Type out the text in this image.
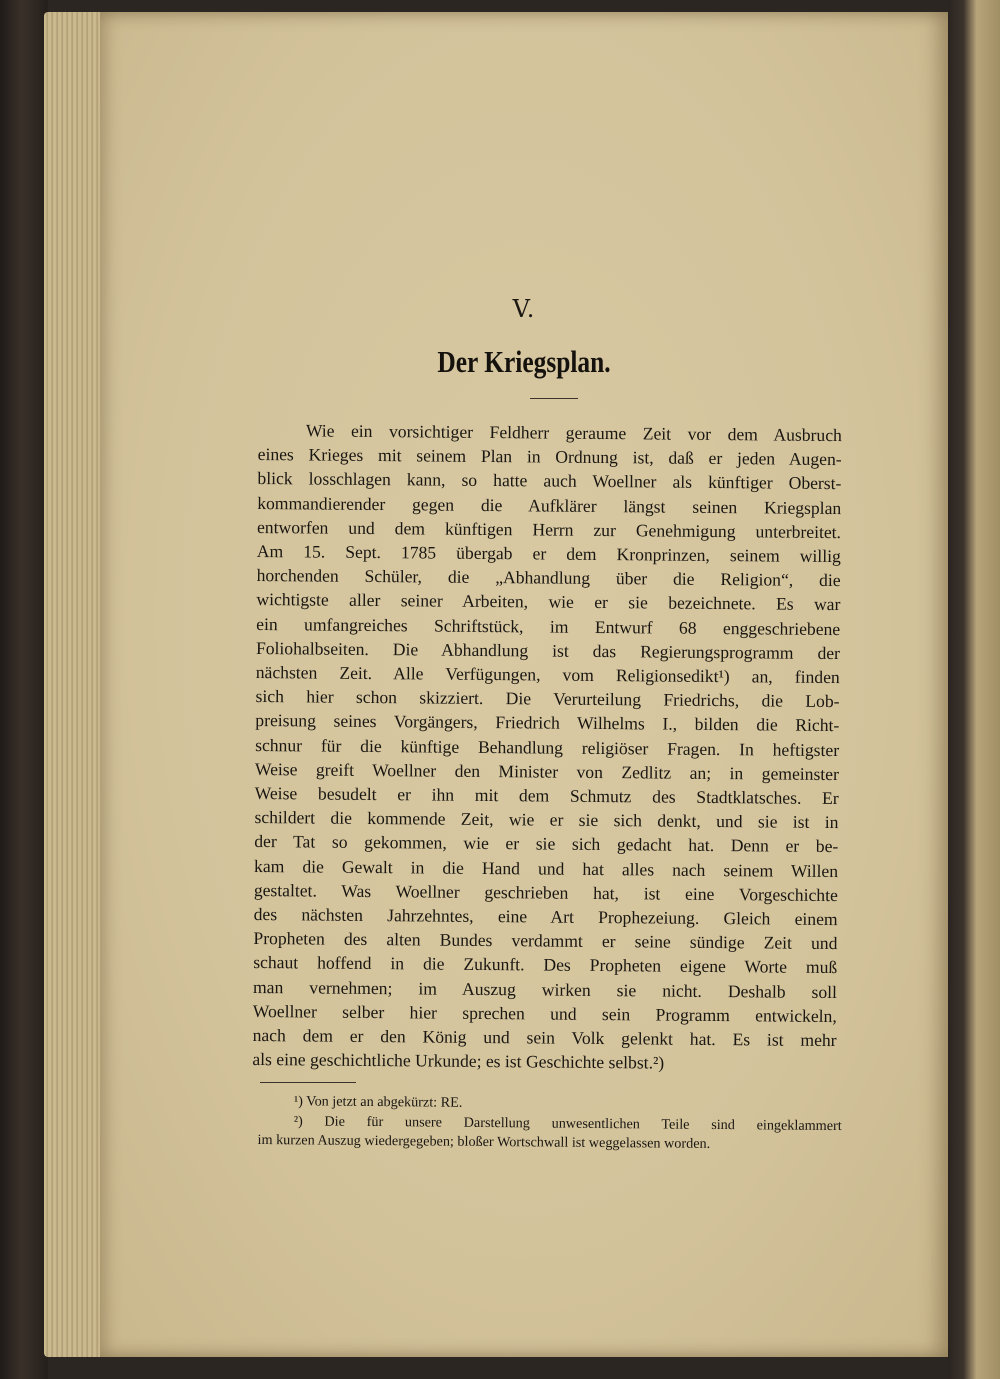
V.
Der Kriegsplan.
Wie ein vorsichtiger Feldherr geraume Zeit vor dem Ausbruch
eines Krieges mit seinem Plan in Ordnung ist, daß er jeden Augen-
blick losschlagen kann, so hatte auch Woellner als künftiger Oberst-
kommandierender gegen die Aufklärer längst seinen Kriegsplan
entworfen und dem künftigen Herrn zur Genehmigung unterbreitet.
Am 15. Sept. 1785 übergab er dem Kronprinzen, seinem willig
horchenden Schüler, die „Abhandlung über die Religion“, die
wichtigste aller seiner Arbeiten, wie er sie bezeichnete. Es war
ein umfangreiches Schriftstück, im Entwurf 68 enggeschriebene
Foliohalbseiten. Die Abhandlung ist das Regierungsprogramm der
nächsten Zeit. Alle Verfügungen, vom Religionsedikt¹) an, finden
sich hier schon skizziert. Die Verurteilung Friedrichs, die Lob-
preisung seines Vorgängers, Friedrich Wilhelms I., bilden die Richt-
schnur für die künftige Behandlung religiöser Fragen. In heftigster
Weise greift Woellner den Minister von Zedlitz an; in gemeinster
Weise besudelt er ihn mit dem Schmutz des Stadtklatsches. Er
schildert die kommende Zeit, wie er sie sich denkt, und sie ist in
der Tat so gekommen, wie er sie sich gedacht hat. Denn er be-
kam die Gewalt in die Hand und hat alles nach seinem Willen
gestaltet. Was Woellner geschrieben hat, ist eine Vorgeschichte
des nächsten Jahrzehntes, eine Art Prophezeiung. Gleich einem
Propheten des alten Bundes verdammt er seine sündige Zeit und
schaut hoffend in die Zukunft. Des Propheten eigene Worte muß
man vernehmen; im Auszug wirken sie nicht. Deshalb soll
Woellner selber hier sprechen und sein Programm entwickeln,
nach dem er den König und sein Volk gelenkt hat. Es ist mehr
als eine geschichtliche Urkunde; es ist Geschichte selbst.²)
¹) Von jetzt an abgekürzt: RE.
²) Die für unsere Darstellung unwesentlichen Teile sind eingeklammert
im kurzen Auszug wiedergegeben; bloßer Wortschwall ist weggelassen worden.
